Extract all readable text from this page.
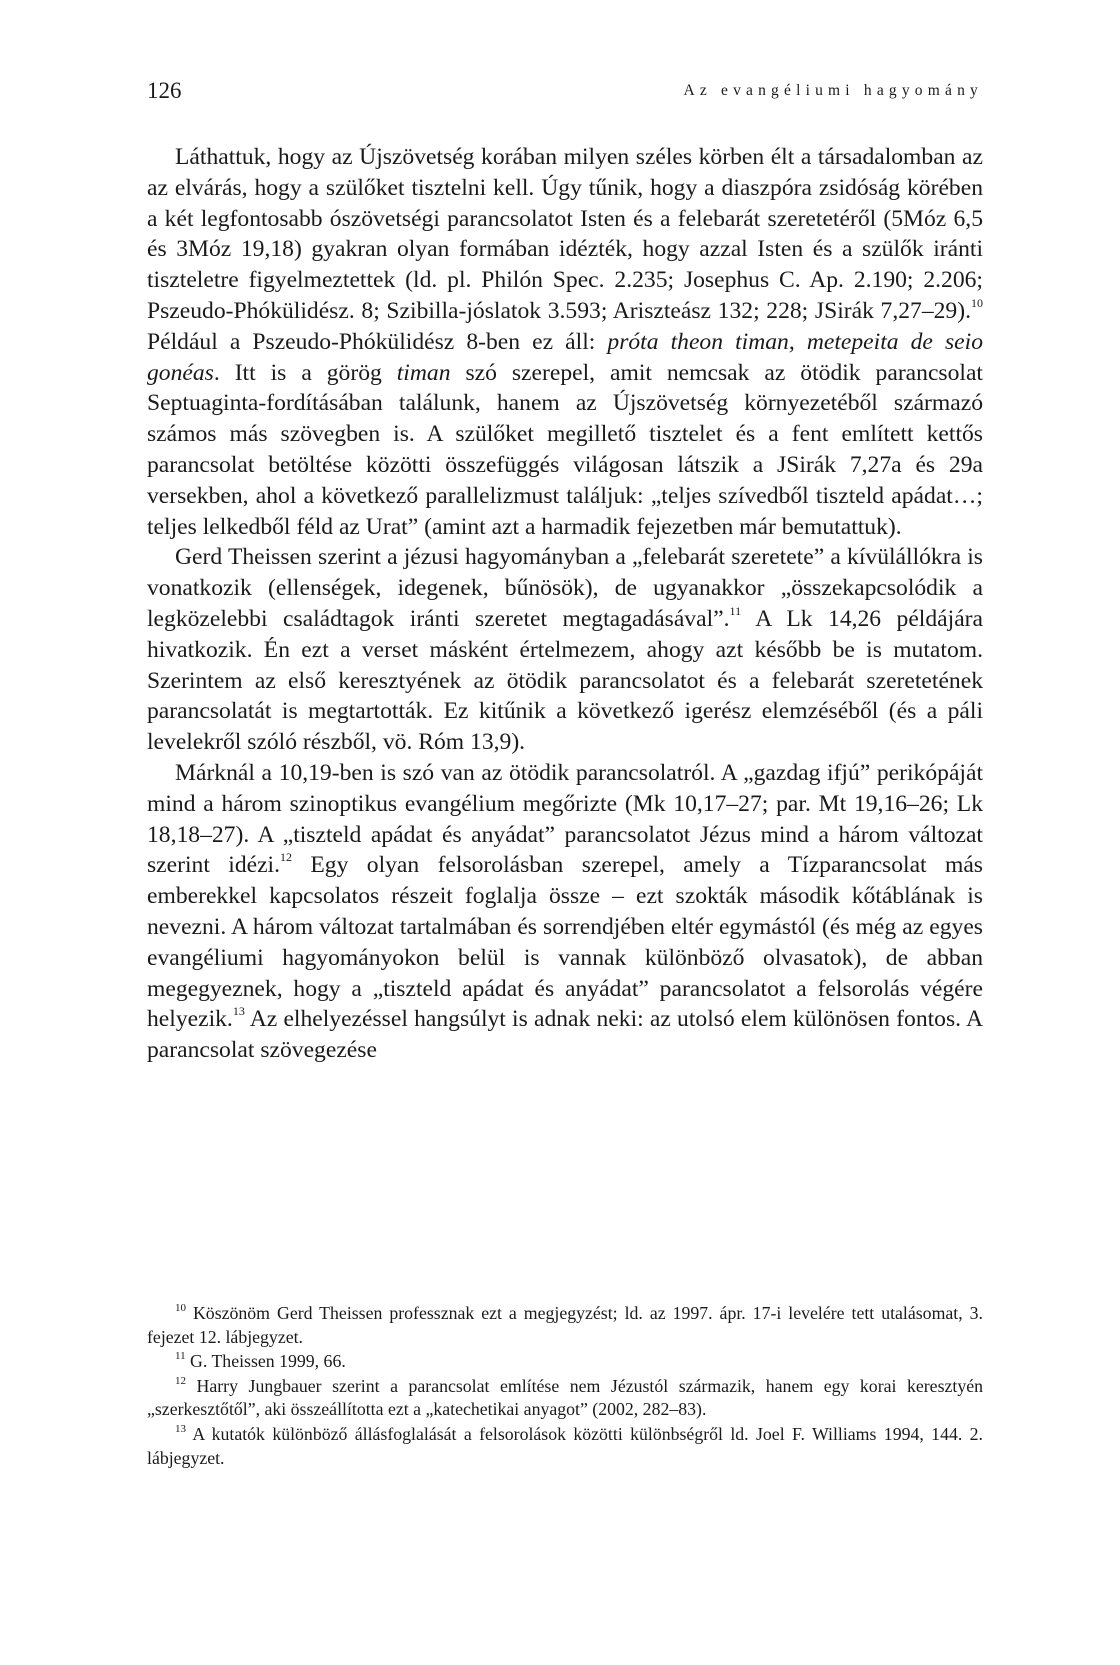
126	Az evangéliumi hagyomány

Láthattuk, hogy az Újszövetség korában milyen széles körben élt a társadalomban az az elvárás, hogy a szülőket tisztelni kell. Úgy tűnik, hogy a diaszpóra zsidóság körében a két legfontosabb ószövetségi parancsolatot Isten és a felebarát szeretetéről (5Móz 6,5 és 3Móz 19,18) gyakran olyan formában idézték, hogy azzal Isten és a szülők iránti tiszteletre figyelmeztettek (ld. pl. Philón Spec. 2.235; Josephus C. Ap. 2.190; 2.206; Pszeudo-Phókülidész. 8; Szibilla-jóslatok 3.593; Ariszteász 132; 228; JSirák 7,27–29).$^{10}$ Például a Pszeudo-Phókülidész 8-ben ez áll: próta theon timan, metepeita de seio gonéas. Itt is a görög timan szó szerepel, amit nemcsak az ötödik parancsolat Septuaginta-fordításában találunk, hanem az Újszövetség környezetéből származó számos más szövegben is. A szülőket megillető tisztelet és a fent említett kettős parancsolat betöltése közötti összefüggés világosan látszik a JSirák 7,27a és 29a versekben, ahol a következő parallelizmust találjuk: „teljes szívedből tiszteld apádat…; teljes lelkedből féld az Urat” (amint azt a harmadik fejezetben már bemutattuk).

Gerd Theissen szerint a jézusi hagyományban a „felebarát szeretete” a kívülállókra is vonatkozik (ellenségek, idegenek, bűnösök), de ugyanakkor „összekapcsolódik a legközelebbi családtagok iránti szeretet megtagadásával”.$^{11}$ A Lk 14,26 példájára hivatkozik. Én ezt a verset másként értelmezem, ahogy azt később be is mutatom. Szerintem az első keresztyének az ötödik parancsolatot és a felebarát szeretetének parancsolatát is megtartották. Ez kitűnik a következő igerész elemzéséből (és a páli levelekről szóló részből, vö. Róm 13,9).

Márknál a 10,19-ben is szó van az ötödik parancsolatról. A „gazdag ifjú” perikópáját mind a három szinoptikus evangélium megőrizte (Mk 10,17–27; par. Mt 19,16–26; Lk 18,18–27). A „tiszteld apádat és anyádat” parancsolatot Jézus mind a három változat szerint idézi.$^{12}$ Egy olyan felsorolásban szerepel, amely a Tízparancsolat más emberekkel kapcsolatos részeit foglalja össze – ezt szokták második kőtáblának is nevezni. A három változat tartalmában és sorrendjében eltér egymástól (és még az egyes evangéliumi hagyományokon belül is vannak különböző olvasatok), de abban megegyeznek, hogy a „tiszteld apádat és anyádat” parancsolatot a felsorolás végére helyezik.$^{13}$ Az elhelyezéssel hangsúlyt is adnak neki: az utolsó elem különösen fontos. A parancsolat szövegezése

$^{10}$ Köszönöm Gerd Theissen professznak ezt a megjegyzést; ld. az 1997. ápr. 17-i levelére tett utalásomat, 3. fejezet 12. lábjegyzet.

$^{11}$ G. Theissen 1999, 66.

$^{12}$ Harry Jungbauer szerint a parancsolat említése nem Jézustól származik, hanem egy korai keresztyén „szerkesztőtől”, aki összeállította ezt a „katechetikai anyagot” (2002, 282–83).

$^{13}$ A kutatók különböző állásfoglalását a felsorolások közötti különbségről ld. Joel F. Williams 1994, 144. 2. lábjegyzet.
